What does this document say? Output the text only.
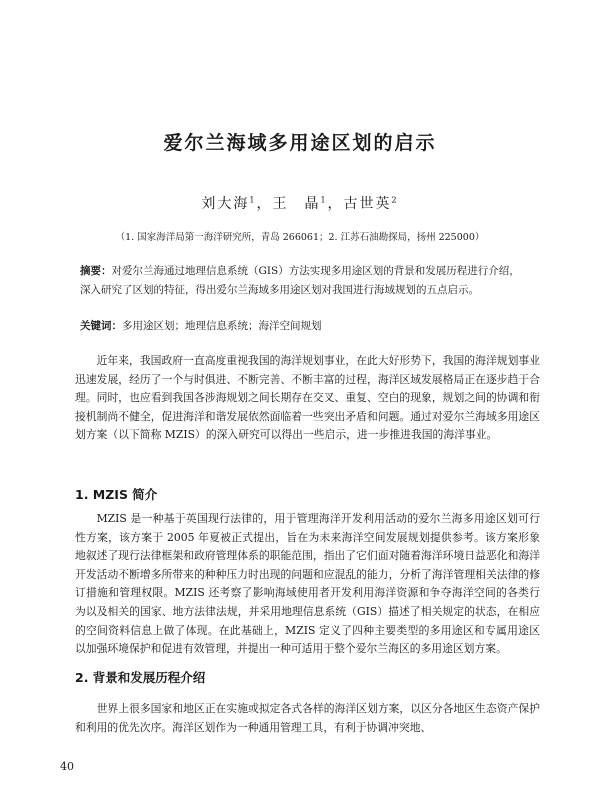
爱尔兰海域多用途区划的启示
刘大海$^1$，王　晶$^1$，古世英$^2$
（1. 国家海洋局第一海洋研究所，青岛 266061；2. 江苏石油勘探局，扬州 225000）
摘要：对爱尔兰海通过地理信息系统（GIS）方法实现多用途区划的背景和发展历程进行介绍，深入研究了区划的特征，得出爱尔兰海域多用途区划对我国进行海域规划的五点启示。
关键词：多用途区划；地理信息系统；海洋空间规划

近年来，我国政府一直高度重视我国的海洋规划事业，在此大好形势下，我国的海洋规划事业迅速发展，经历了一个与时俱进、不断完善、不断丰富的过程，海洋区域发展格局正在逐步趋于合理。同时，也应看到我国各涉海规划之间长期存在交叉、重复、空白的现象，规划之间的协调和衔接机制尚不健全，促进海洋和谐发展依然面临着一些突出矛盾和问题。通过对爱尔兰海域多用途区划方案（以下简称 MZIS）的深入研究可以得出一些启示，进一步推进我国的海洋事业。

1. MZIS 简介

MZIS 是一种基于英国现行法律的，用于管理海洋开发利用活动的爱尔兰海多用途区划可行性方案，该方案于 2005 年夏被正式提出，旨在为未来海洋空间发展规划提供参考。该方案形象地叙述了现行法律框架和政府管理体系的职能范围，指出了它们面对随着海洋环境日益恶化和海洋开发活动不断增多所带来的种种压力时出现的问题和应混乱的能力，分析了海洋管理相关法律的修订措施和管理权限。MZIS 还考察了影响海域使用者开发利用海洋资源和争夺海洋空间的各类行为以及相关的国家、地方法律法规，并采用地理信息系统（GIS）描述了相关规定的状态，在相应的空间资料信息上做了体现。在此基础上，MZIS 定义了四种主要类型的多用途区和专属用途区以加强环境保护和促进有效管理，并提出一种可适用于整个爱尔兰海区的多用途区划方案。

2. 背景和发展历程介绍

世界上很多国家和地区正在实施或拟定各式各样的海洋区划方案，以区分各地区生态资产保护和利用的优先次序。海洋区划作为一种通用管理工具，有利于协调冲突地、

40
